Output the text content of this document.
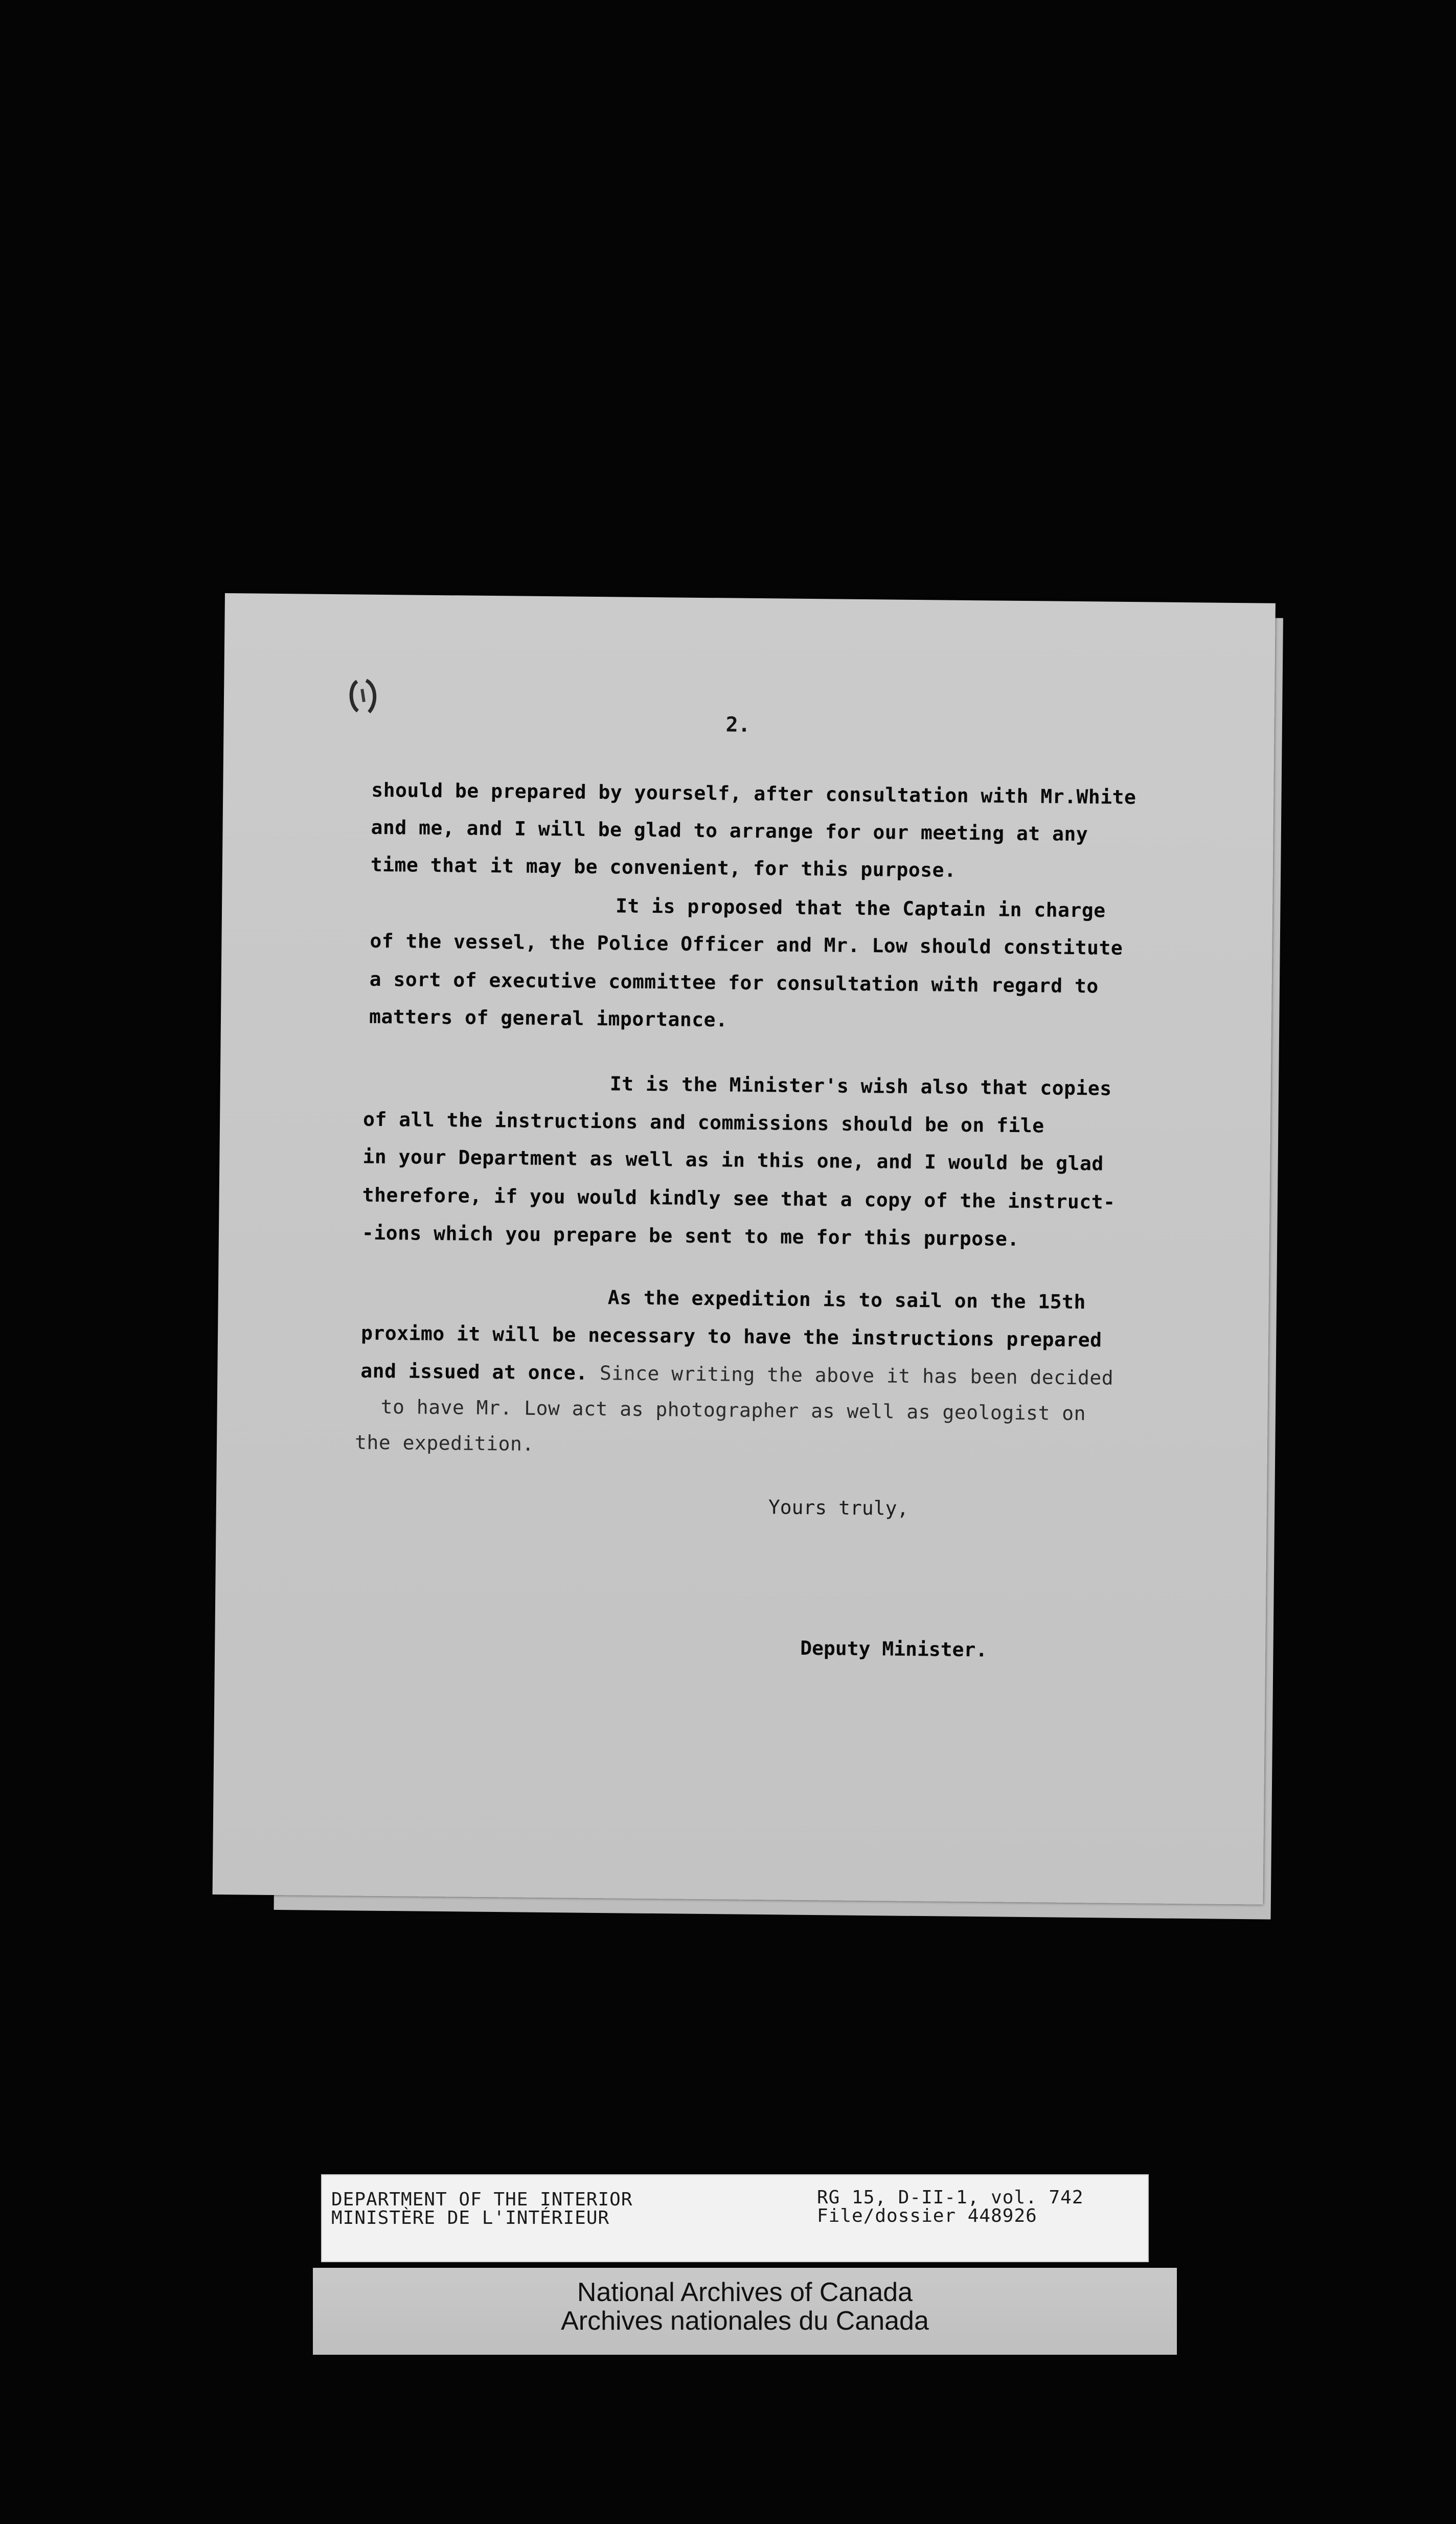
2.
should be prepared by yourself, after consultation with Mr.White
and me, and I will be glad to arrange for our meeting at any
time that it may be convenient, for this purpose.
It is proposed that the Captain in charge
of the vessel, the Police Officer and Mr. Low should constitute
a sort of executive committee for consultation with regard to
matters of general importance.
It is the Minister's wish also that copies
of all the instructions and commissions should be on file
in your Department as well as in this one, and I would be glad
therefore, if you would kindly see that a copy of the instruct-
-ions which you prepare be sent to me for this purpose.
As the expedition is to sail on the 15th
proximo it will be necessary to have the instructions prepared
and issued at once. Since writing the above it has been decided
to have Mr. Low act as photographer as well as geologist on
the expedition.
Yours truly,
Deputy Minister.
DEPARTMENT OF THE INTERIOR
MINISTÈRE DE L'INTÉRIEUR
RG 15, D-II-1, vol. 742
File/dossier 448926
National Archives of Canada
Archives nationales du Canada
